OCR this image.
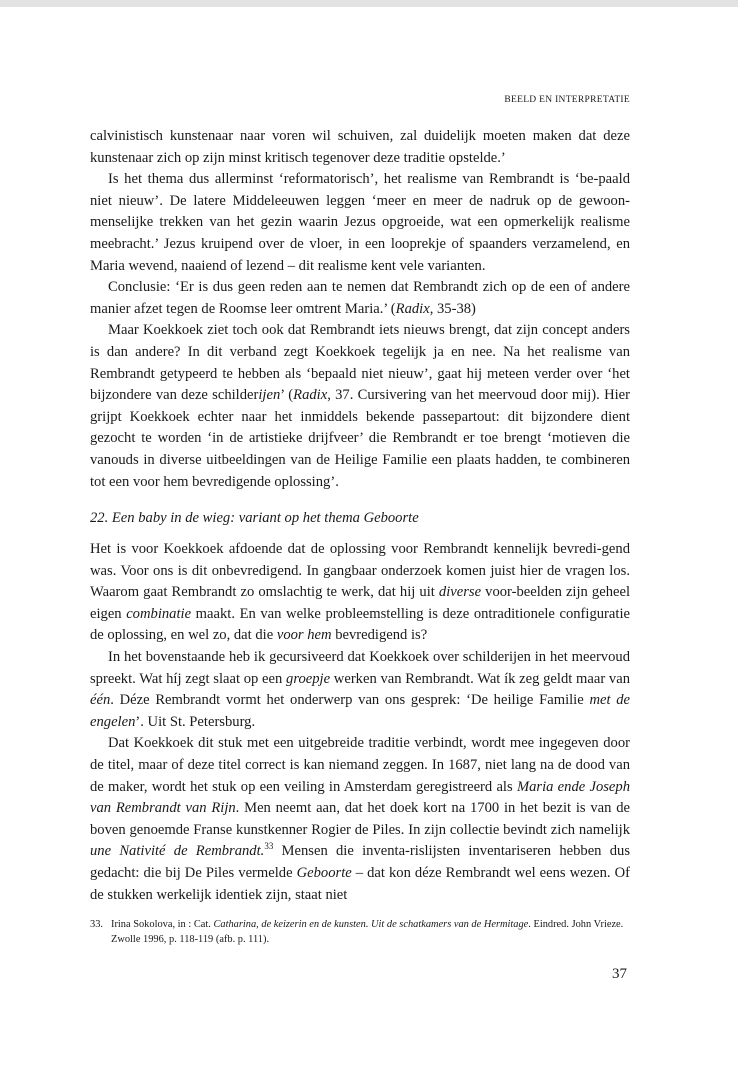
BEELD EN INTERPRETATIE

calvinistisch kunstenaar naar voren wil schuiven, zal duidelijk moeten maken dat deze kunstenaar zich op zijn minst kritisch tegenover deze traditie opstelde.’

Is het thema dus allerminst ‘reformatorisch’, het realisme van Rembrandt is ‘be-paald niet nieuw’. De latere Middeleeuwen leggen ‘meer en meer de nadruk op de gewoon-menselijke trekken van het gezin waarin Jezus opgroeide, wat een opmerkelijk realisme meebracht.’ Jezus kruipend over de vloer, in een looprekje of spaanders verzamelend, en Maria wevend, naaiend of lezend – dit realisme kent vele varianten.

Conclusie: ‘Er is dus geen reden aan te nemen dat Rembrandt zich op de een of andere manier afzet tegen de Roomse leer omtrent Maria.’ (Radix, 35-38)

Maar Koekkoek ziet toch ook dat Rembrandt iets nieuws brengt, dat zijn concept anders is dan andere? In dit verband zegt Koekkoek tegelijk ja en nee. Na het realisme van Rembrandt getypeerd te hebben als ‘bepaald niet nieuw’, gaat hij meteen verder over ‘het bijzondere van deze schilderijen’ (Radix, 37. Cursivering van het meervoud door mij). Hier grijpt Koekkoek echter naar het inmiddels bekende passepartout: dit bijzondere dient gezocht te worden ‘in de artistieke drijfveer’ die Rembrandt er toe brengt ‘motieven die vanouds in diverse uitbeeldingen van de Heilige Familie een plaats hadden, te combineren tot een voor hem bevredigende oplossing’.

22. Een baby in de wieg: variant op het thema Geboorte

Het is voor Koekkoek afdoende dat de oplossing voor Rembrandt kennelijk bevredi-gend was. Voor ons is dit onbevredigend. In gangbaar onderzoek komen juist hier de vragen los. Waarom gaat Rembrandt zo omslachtig te werk, dat hij uit diverse voor-beelden zijn geheel eigen combinatie maakt. En van welke probleemstelling is deze ontraditionele configuratie de oplossing, en wel zo, dat die voor hem bevredigend is?

In het bovenstaande heb ik gecursiveerd dat Koekkoek over schilderijen in het meervoud spreekt. Wat híj zegt slaat op een groepje werken van Rembrandt. Wat ík zeg geldt maar van één. Déze Rembrandt vormt het onderwerp van ons gesprek: ‘De heilige Familie met de engelen’. Uit St. Petersburg.

Dat Koekkoek dit stuk met een uitgebreide traditie verbindt, wordt mee ingegeven door de titel, maar of deze titel correct is kan niemand zeggen. In 1687, niet lang na de dood van de maker, wordt het stuk op een veiling in Amsterdam geregistreerd als Maria ende Joseph van Rembrandt van Rijn. Men neemt aan, dat het doek kort na 1700 in het bezit is van de boven genoemde Franse kunstkenner Rogier de Piles. In zijn collectie bevindt zich namelijk une Nativité de Rembrandt.$^{33}$ Mensen die inventa-rislijsten inventariseren hebben dus gedacht: die bij De Piles vermelde Geboorte – dat kon déze Rembrandt wel eens wezen. Of de stukken werkelijk identiek zijn, staat niet

33. Irina Sokolova, in : Cat. Catharina, de keizerin en de kunsten. Uit de schatkamers van de Hermitage. Eindred. John Vrieze. Zwolle 1996, p. 118-119 (afb. p. 111).
37
